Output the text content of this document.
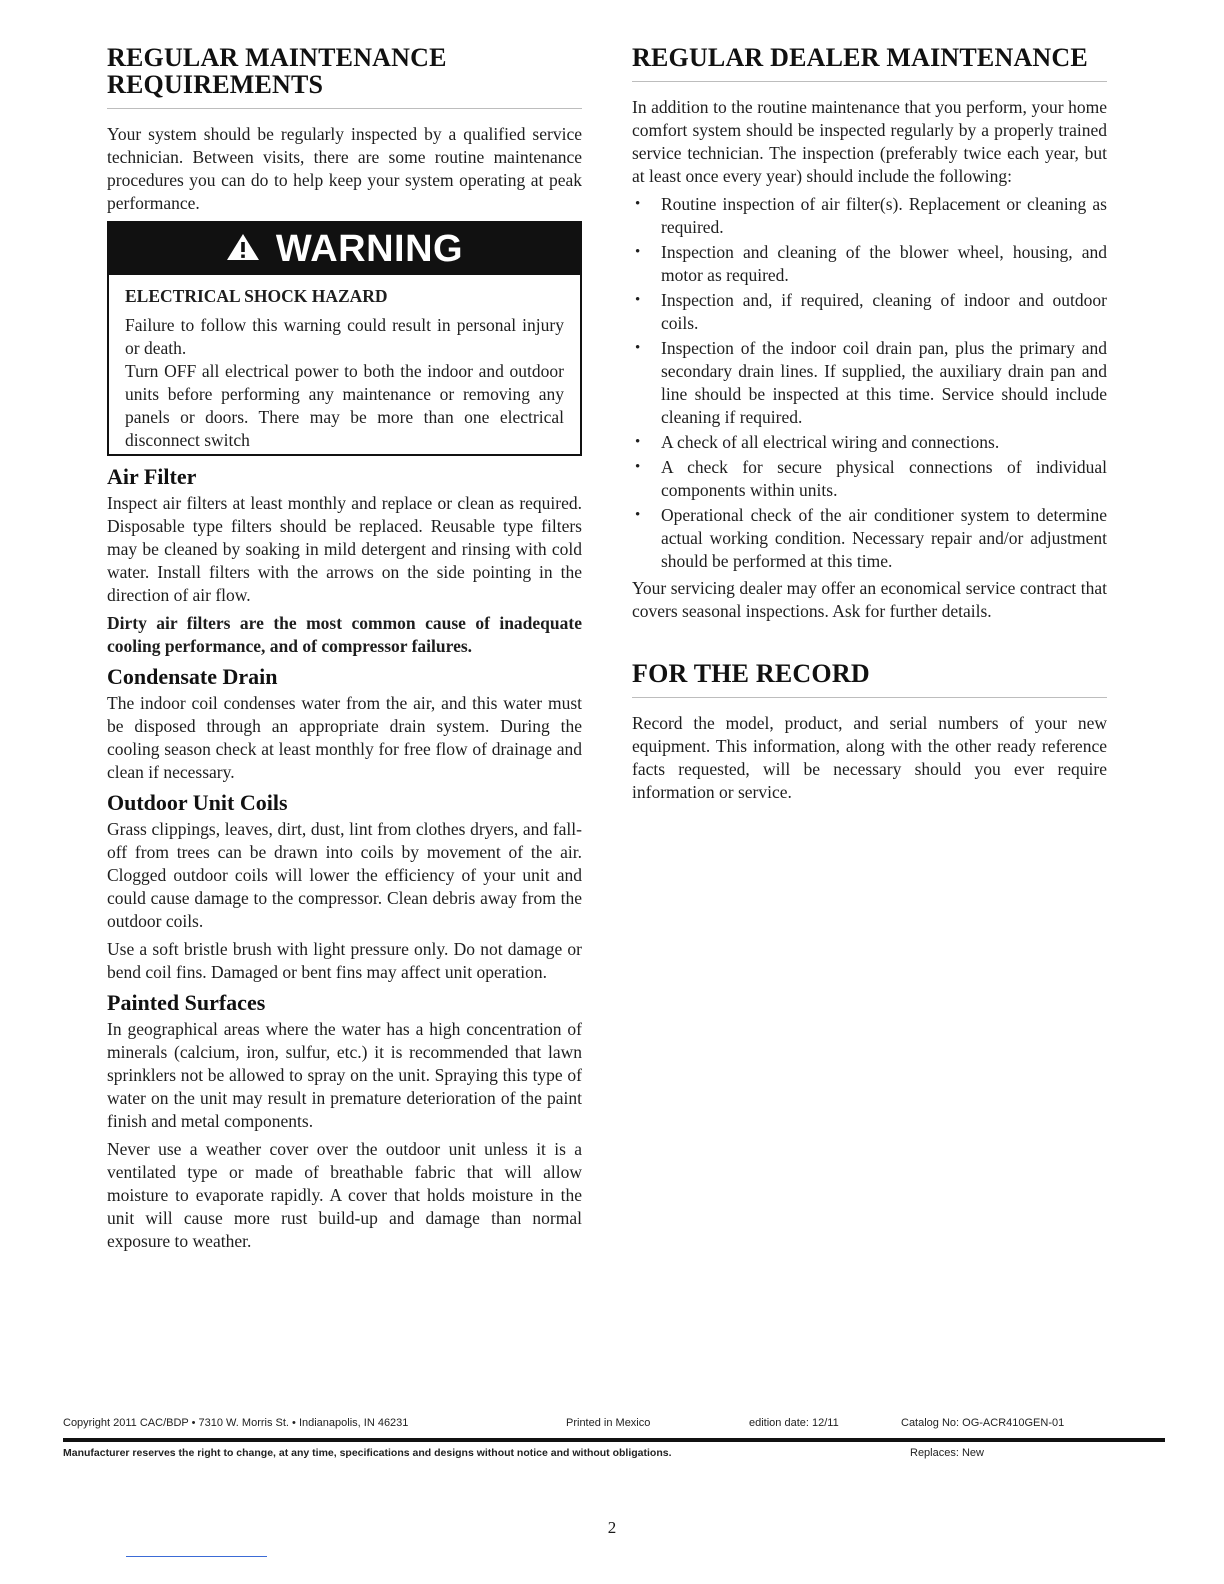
REGULAR MAINTENANCE
REQUIREMENTS

Your system should be regularly inspected by a qualified service technician. Between visits, there are some routine maintenance procedures you can do to help keep your system operating at peak performance.

WARNING

ELECTRICAL SHOCK HAZARD

Failure to follow this warning could result in personal injury or death.

Turn OFF all electrical power to both the indoor and outdoor units before performing any maintenance or removing any panels or doors. There may be more than one electrical disconnect switch

Air Filter

Inspect air filters at least monthly and replace or clean as required. Disposable type filters should be replaced. Reusable type filters may be cleaned by soaking in mild detergent and rinsing with cold water. Install filters with the arrows on the side pointing in the direction of air flow.

Dirty air filters are the most common cause of inadequate cooling performance, and of compressor failures.

Condensate Drain

The indoor coil condenses water from the air, and this water must be disposed through an appropriate drain system. During the cooling season check at least monthly for free flow of drainage and clean if necessary.

Outdoor Unit Coils

Grass clippings, leaves, dirt, dust, lint from clothes dryers, and fall-off from trees can be drawn into coils by movement of the air. Clogged outdoor coils will lower the efficiency of your unit and could cause damage to the compressor. Clean debris away from the outdoor coils.

Use a soft bristle brush with light pressure only. Do not damage or bend coil fins. Damaged or bent fins may affect unit operation.

Painted Surfaces

In geographical areas where the water has a high concentration of minerals (calcium, iron, sulfur, etc.) it is recommended that lawn sprinklers not be allowed to spray on the unit. Spraying this type of water on the unit may result in premature deterioration of the paint finish and metal components.

Never use a weather cover over the outdoor unit unless it is a ventilated type or made of breathable fabric that will allow moisture to evaporate rapidly. A cover that holds moisture in the unit will cause more rust build-up and damage than normal exposure to weather.

REGULAR DEALER MAINTENANCE

In addition to the routine maintenance that you perform, your home comfort system should be inspected regularly by a properly trained service technician. The inspection (preferably twice each year, but at least once every year) should include the following:

• Routine inspection of air filter(s). Replacement or cleaning as required.
• Inspection and cleaning of the blower wheel, housing, and motor as required.
• Inspection and, if required, cleaning of indoor and outdoor coils.
• Inspection of the indoor coil drain pan, plus the primary and secondary drain lines. If supplied, the auxiliary drain pan and line should be inspected at this time. Service should include cleaning if required.
• A check of all electrical wiring and connections.
• A check for secure physical connections of individual components within units.
• Operational check of the air conditioner system to determine actual working condition. Necessary repair and/or adjustment should be performed at this time.

Your servicing dealer may offer an economical service contract that covers seasonal inspections. Ask for further details.

FOR THE RECORD

Record the model, product, and serial numbers of your new equipment. This information, along with the other ready reference facts requested, will be necessary should you ever require information or service.

Copyright 2011 CAC/BDP • 7310 W. Morris St. • Indianapolis, IN 46231	Printed in Mexico	edition date: 12/11	Catalog No: OG-ACR410GEN-01
Manufacturer reserves the right to change, at any time, specifications and designs without notice and without obligations.	Replaces: New
2
